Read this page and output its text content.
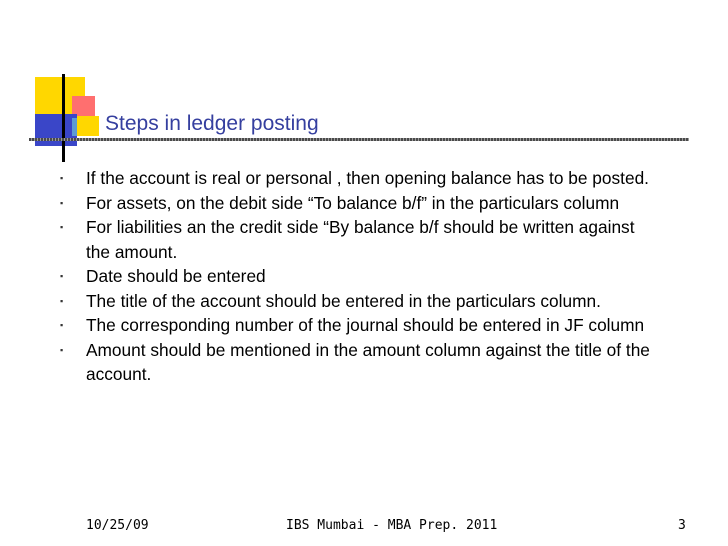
Steps in ledger posting
▪ If the account is real or personal , then opening balance has to be posted.
▪ For assets, on the debit side “To balance b/f” in the particulars column
▪ For liabilities an the credit side “By balance b/f should be written against the amount.
▪ Date should be entered
▪ The title of the account should be entered in the particulars column.
▪ The corresponding number of the journal should be entered in JF column
▪ Amount should be mentioned in the amount column against the title of the account.
10/25/09	IBS Mumbai - MBA Prep. 2011	3
